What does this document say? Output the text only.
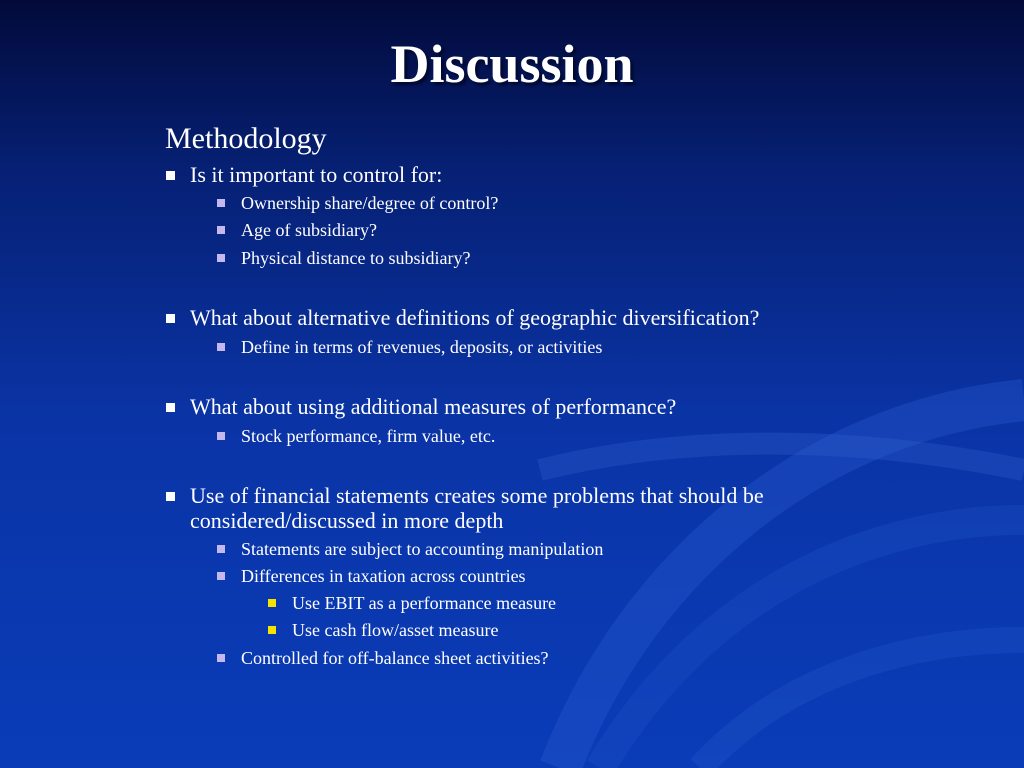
Discussion
Methodology
Is it important to control for:
Ownership share/degree of control?
Age of subsidiary?
Physical distance to subsidiary?
What about alternative definitions of geographic diversification?
Define in terms of revenues, deposits, or activities
What about using additional measures of performance?
Stock performance, firm value, etc.
Use of financial statements creates some problems that should be
considered/discussed in more depth
Statements are subject to accounting manipulation
Differences in taxation across countries
Use EBIT as a performance measure
Use cash flow/asset measure
Controlled for off-balance sheet activities?
